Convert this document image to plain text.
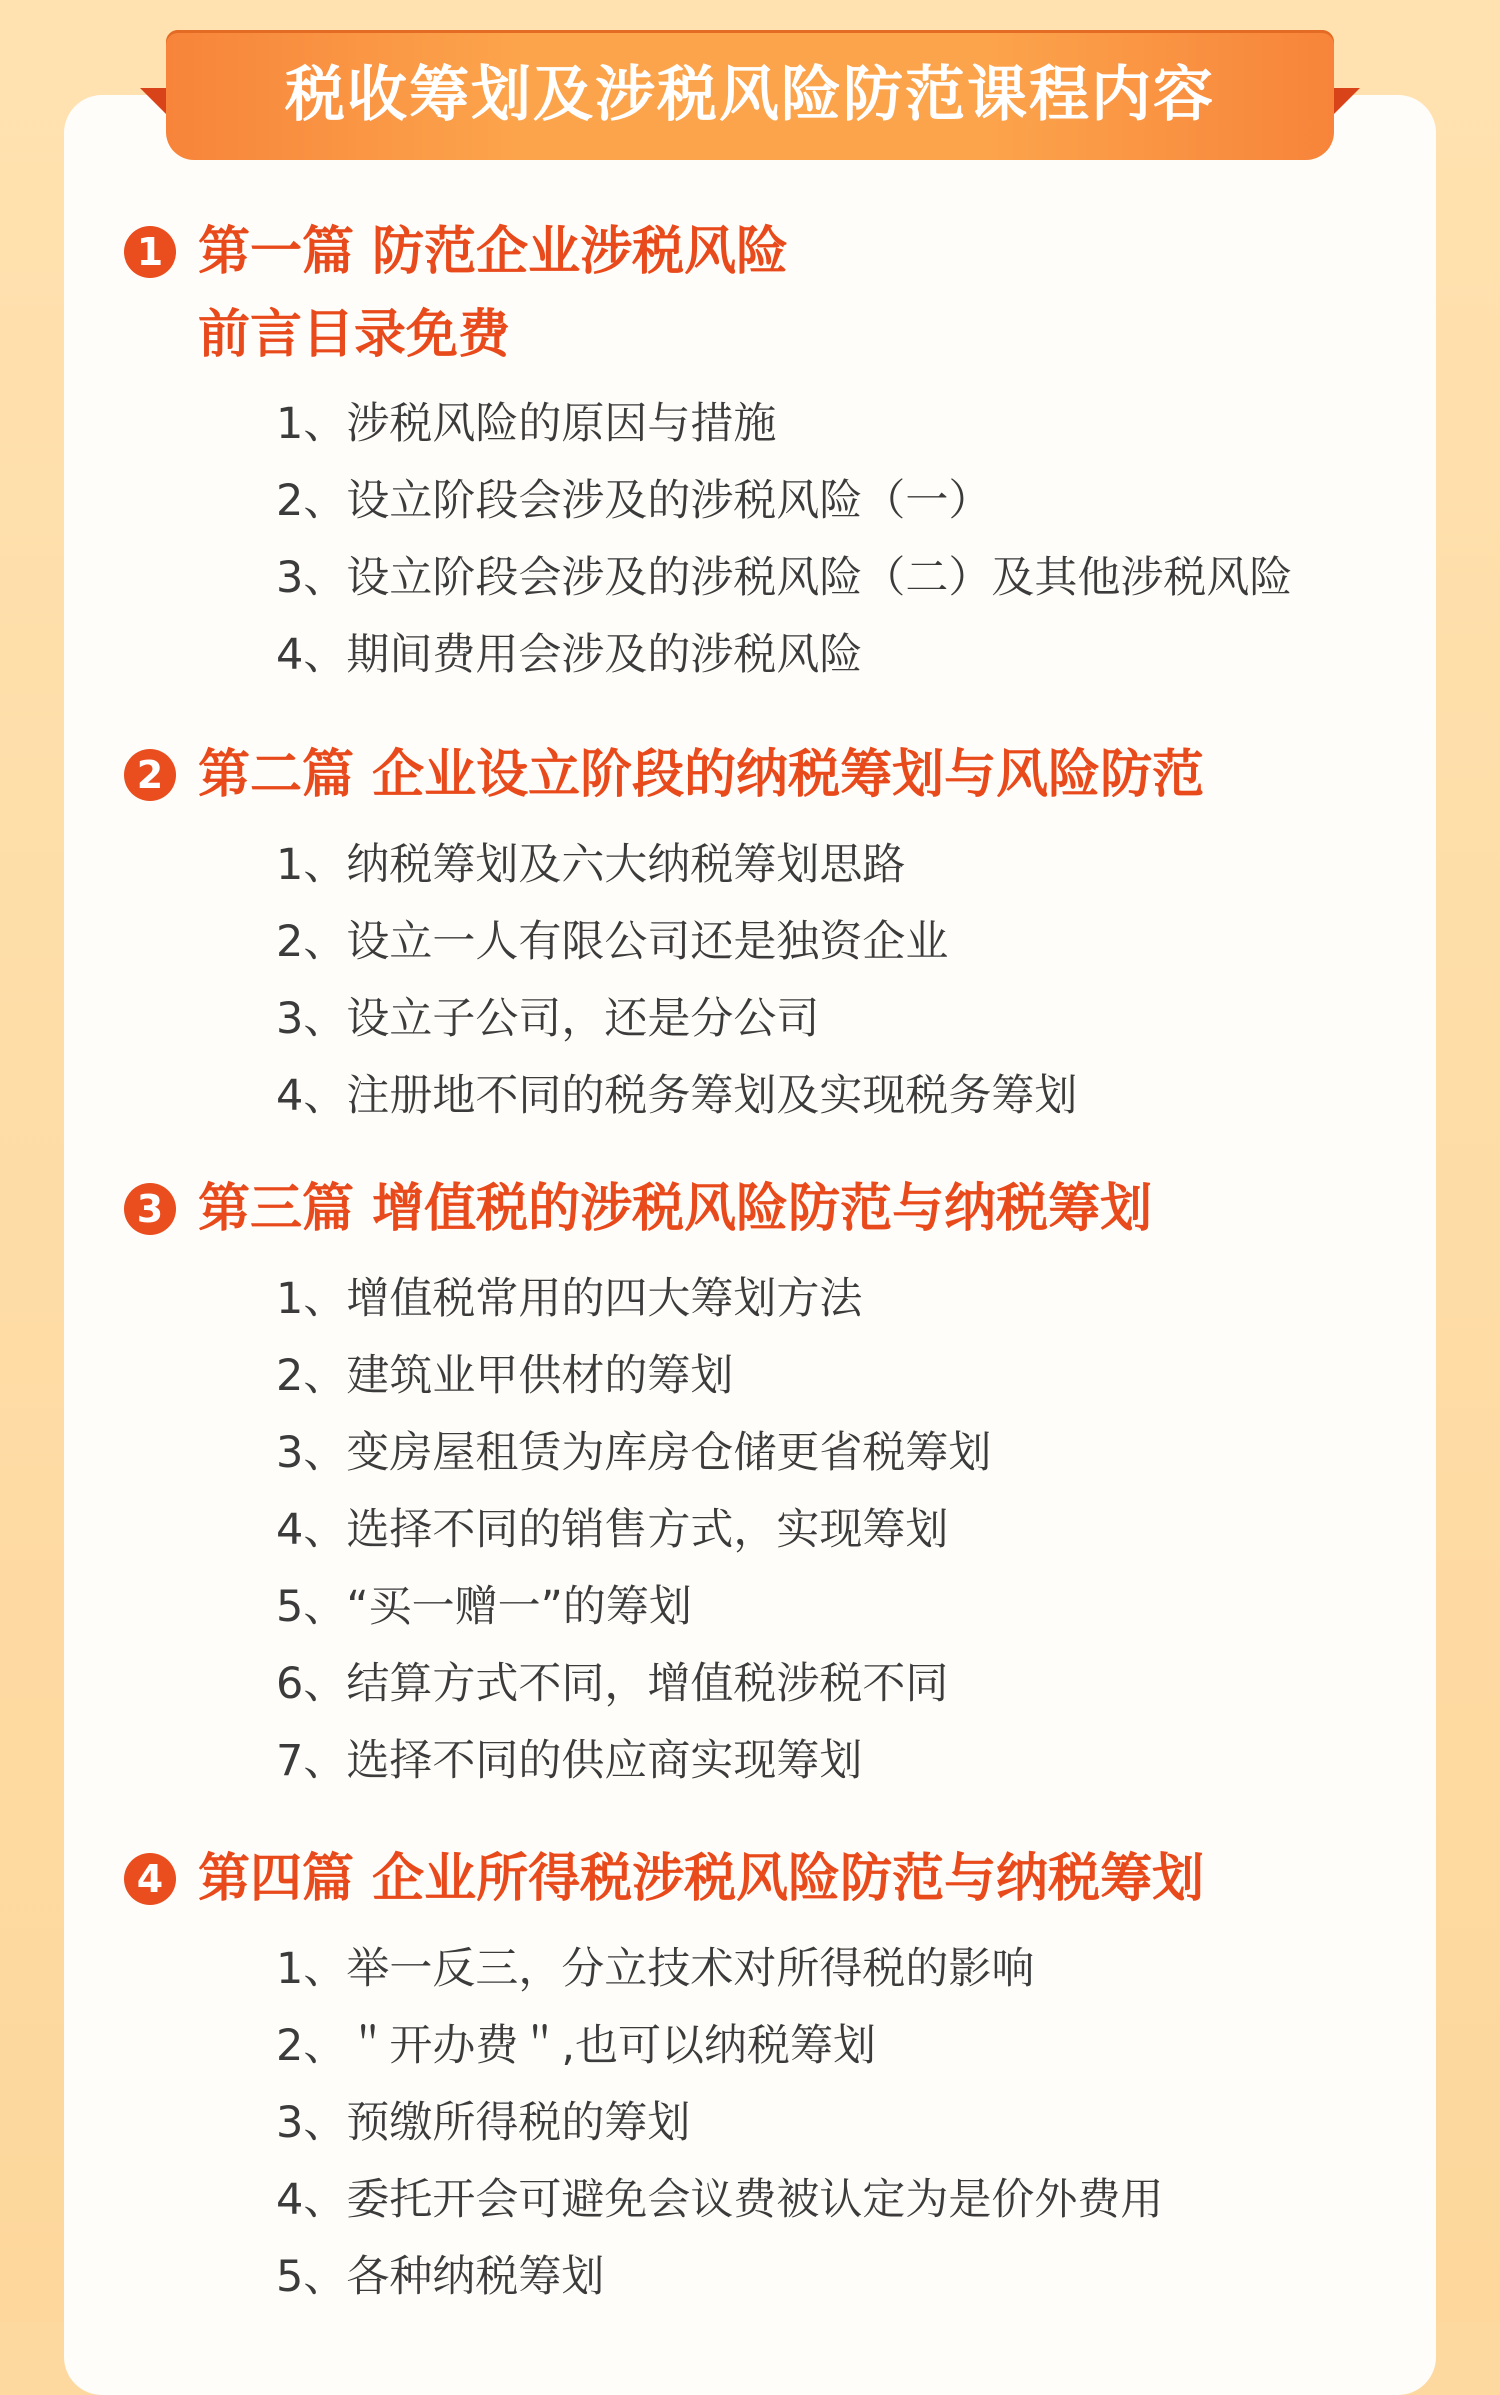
1 第一篇 防范企业涉税风险
前言目录免费
1、涉税风险的原因与措施
2、设立阶段会涉及的涉税风险（一）
3、设立阶段会涉及的涉税风险（二）及其他涉税风险
4、期间费用会涉及的涉税风险
2 第二篇 企业设立阶段的纳税筹划与风险防范
1、纳税筹划及六大纳税筹划思路
2、设立一人有限公司还是独资企业
3、设立子公司，还是分公司
4、注册地不同的税务筹划及实现税务筹划
3 第三篇 增值税的涉税风险防范与纳税筹划
1、增值税常用的四大筹划方法
2、建筑业甲供材的筹划
3、变房屋租赁为库房仓储更省税筹划
4、选择不同的销售方式，实现筹划
5、“买一赠一”的筹划
6、结算方式不同，增值税涉税不同
7、选择不同的供应商实现筹划
4 第四篇 企业所得税涉税风险防范与纳税筹划
1、举一反三，分立技术对所得税的影响
2、＂开办费＂,也可以纳税筹划
3、预缴所得税的筹划
4、委托开会可避免会议费被认定为是价外费用
5、各种纳税筹划
税收筹划及涉税风险防范课程内容
